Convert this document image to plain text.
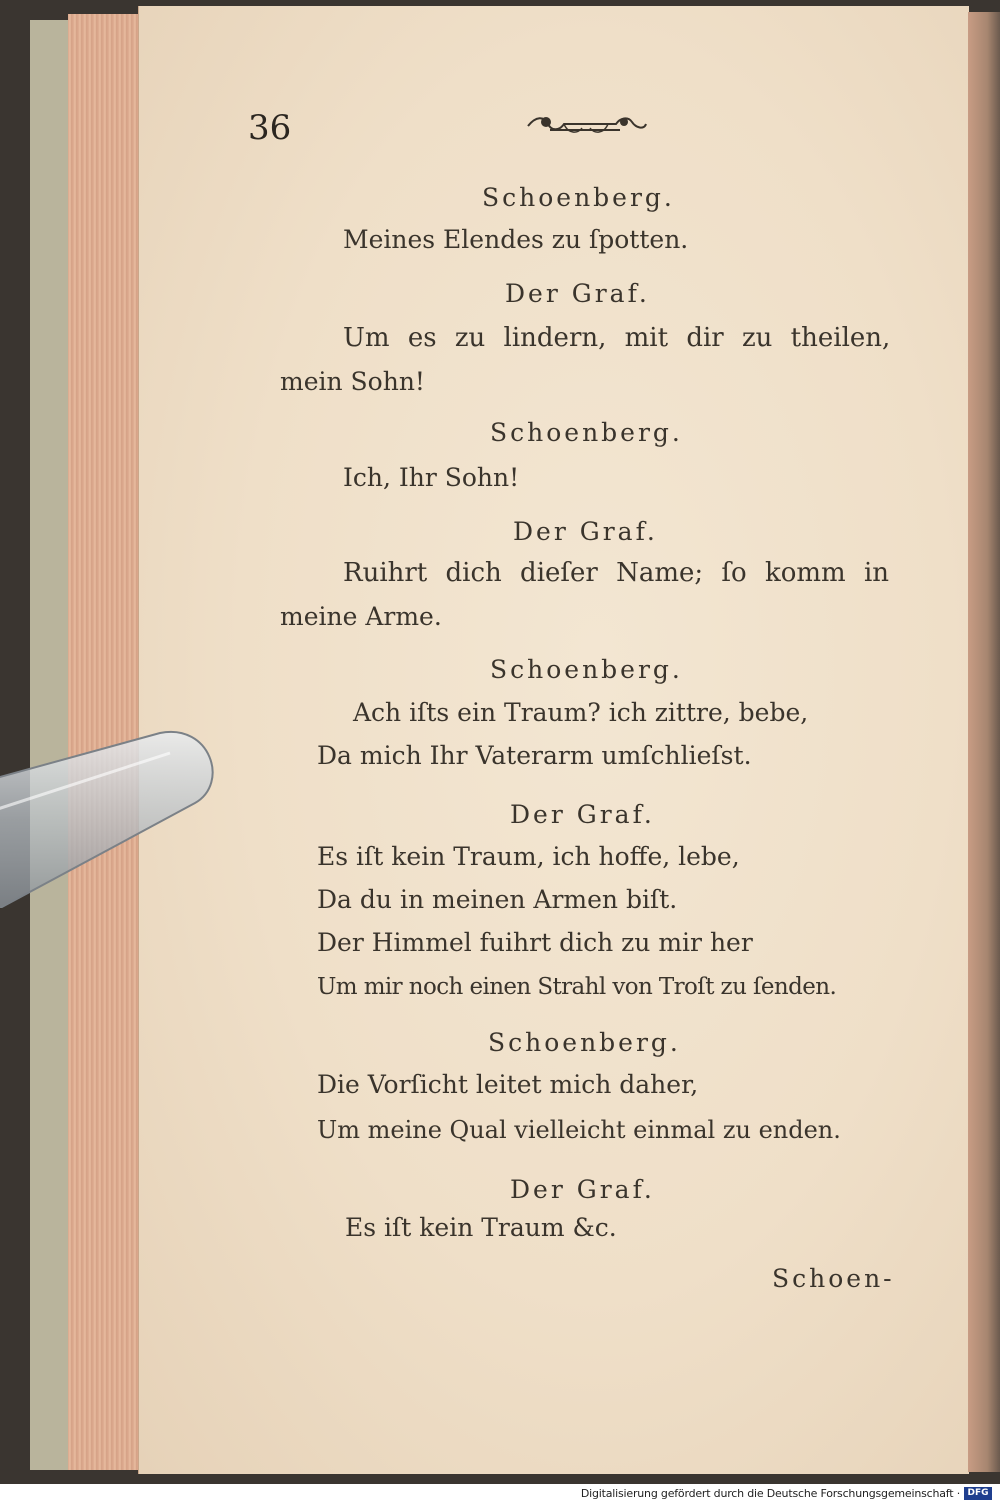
36
Schoenberg.
Meines Elendes zu ſpotten.
Der Graf.
Um es zu lindern, mit dir zu theilen,
mein Sohn!
Schoenberg.
Ich, Ihr Sohn!
Der Graf.
Ruihrt dich dieſer Name; ſo komm in
meine Arme.
Schoenberg.
Ach iſts ein Traum? ich zittre, bebe,
Da mich Ihr Vaterarm umſchlieſst.
Der Graf.
Es iſt kein Traum, ich hoffe, lebe,
Da du in meinen Armen biſt.
Der Himmel fuihrt dich zu mir her
Um mir noch einen Strahl von Troſt zu ſenden.
Schoenberg.
Die Vorſicht leitet mich daher,
Um meine Qual vielleicht einmal zu enden.
Der Graf.
Es iſt kein Traum &c.
Schoen-
Digitalisierung gefördert durch die Deutsche Forschungsgemeinschaft · DFG
